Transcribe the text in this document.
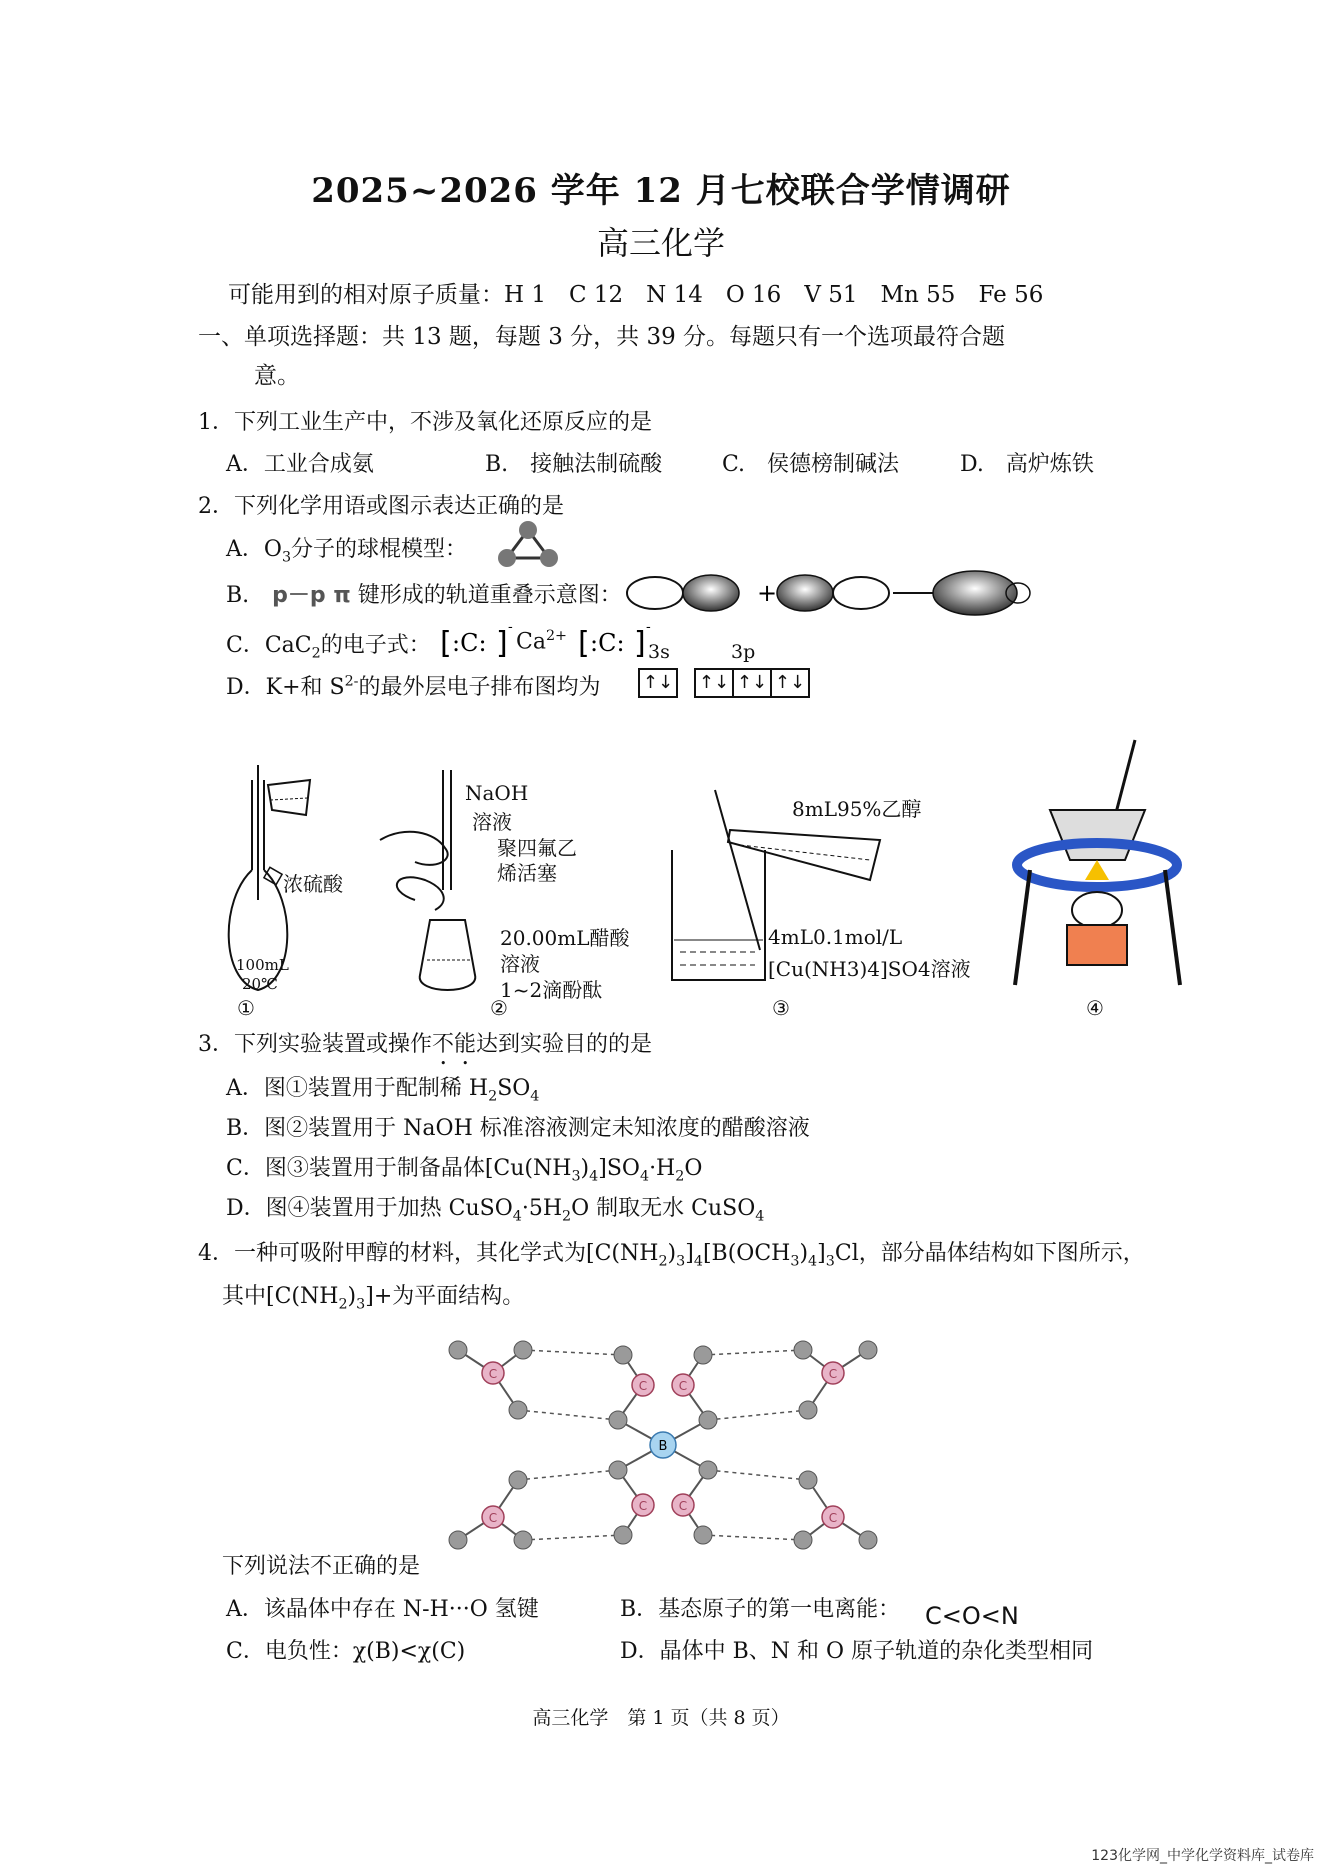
2025~2026 学年 12 月七校联合学情调研
高三化学
可能用到的相对原子质量：H 1　C 12　N 14　O 16　V 51　Mn 55　Fe 56
一、单项选择题：共 13 题，每题 3 分，共 39 分。每题只有一个选项最符合题
意。
1．下列工业生产中，不涉及氧化还原反应的是
A．工业合成氨	B.　接触法制硫酸	C.　侯德榜制碱法	D.　高炉炼铁
2．下列化学用语或图示表达正确的是
A．$O_3$分子的球棍模型：
B. p－p π 键形成的轨道重叠示意图：	+
C．CaC$_2$的电子式： [ :C: ] - [ :C: ] -
$Ca^{2+}$
D．K+和 $S^{2-}$的最外层电子排布图均为
3s	3p
↑↓ ↑↓ ↑↓ ↑↓
浓硫酸
100mL
20℃
NaOH
溶液
聚四氟乙
烯活塞
20.00mL醋酸
溶液
1~2滴酚酞
8mL95%乙醇
4mL0.1mol/L
[Cu(NH3)4]SO4溶液
①	②	③	④
3．下列实验装置或操作不能达到实验目的的是
A．图①装置用于配制稀 $H_2SO_4$
B．图②装置用于 NaOH 标准溶液测定未知浓度的醋酸溶液
C．图③装置用于制备晶体$[Cu(NH_3)_4]SO_4\cdot H_2O$
D．图④装置用于加热 $CuSO_4\cdot 5H_2O$ 制取无水 CuSO$_4$
4．一种可吸附甲醇的材料，其化学式为$[C(NH_2)_3]_4[B(OCH_3)_4]_3Cl$，部分晶体结构如下图所示，
其中$[C(NH_2)_3]+$为平面结构。
B
C
C
C
C
C	C
C	C
下列说法不正确的是
A．该晶体中存在 N-H···O 氢键	B．基态原子的第一电离能： C<O<N
C．电负性：χ(B)<χ(C)	D．晶体中 B、N 和 O 原子轨道的杂化类型相同
高三化学　第 1 页（共 8 页）
123化学网_中学化学资料库_试卷库
